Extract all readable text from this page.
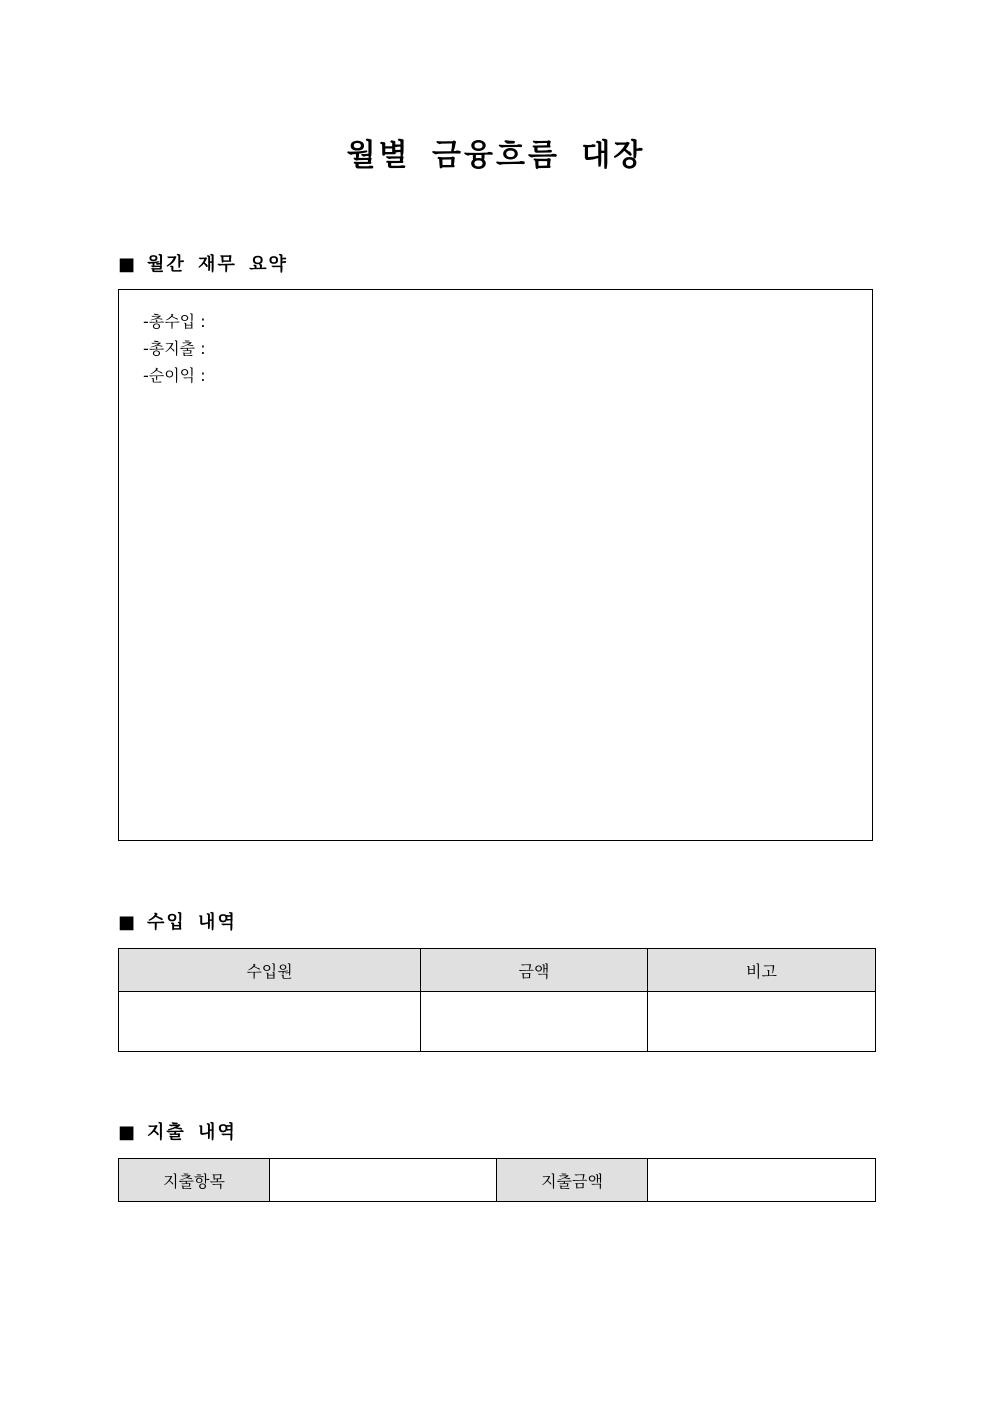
월별 금융흐름 대장
■ 월간 재무 요약
-총수입 :
-총지출 :
-순이익 :
■ 수입 내역
수입원	금액	비고

■ 지출 내역
지출항목		지출금액	
